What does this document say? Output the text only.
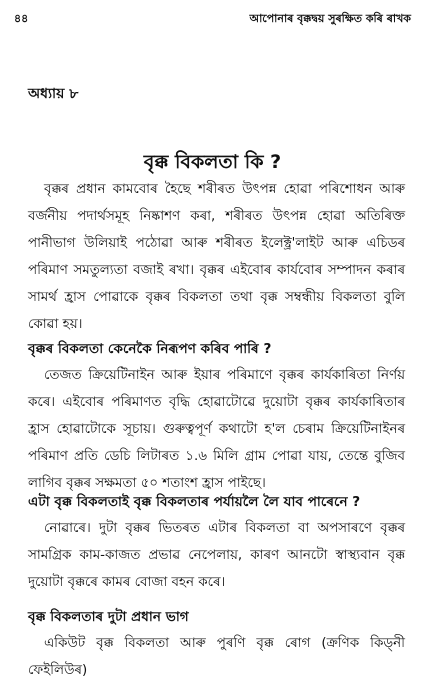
৪৪	আপোনাৰ বৃক্কদ্বয় সুৰক্ষিত কৰি ৰাখক
অধ্যায় ৮
বৃক্ক বিকলতা কি ?
বৃক্কৰ প্ৰধান কামবোৰ হৈছে শৰীৰত উৎপন্ন হোৱা পৰিশোধন আৰু বৰ্জনীয় পদাৰ্থসমূহ নিষ্কাশণ কৰা, শৰীৰত উৎপন্ন হোৱা অতিৰিক্ত পানীভাগ উলিয়াই পঠোৱা আৰু শৰীৰত ইলেক্ট্ৰ'লাইট আৰু এচিডৰ পৰিমাণ সমতুল্যতা বজাই ৰখা। বৃক্কৰ এইবোৰ কাৰ্যবোৰ সম্পাদন কৰাৰ সামৰ্থ হ্ৰাস পোৱাকে বৃক্কৰ বিকলতা তথা বৃক্ক সম্বন্ধীয় বিকলতা বুলি কোৱা হয়।
বৃক্কৰ বিকলতা কেনেকৈ নিৰূপণ কৰিব পাৰি ?
তেজত ক্ৰিয়েটিনাইন আৰু ইয়াৰ পৰিমাণে বৃক্কৰ কাৰ্যকাৰিতা নিৰ্ণয় কৰে। এইবোৰ পৰিমাণত বৃদ্ধি হোৱাটোৱে দুয়োটা বৃক্কৰ কাৰ্যকাৰিতাৰ হ্ৰাস হোৱাটোকে সূচায়। গুৰুত্বপূৰ্ণ কথাটো হ'ল চেৰাম ক্ৰিয়েটিনাইনৰ পৰিমাণ প্ৰতি ডেচি লিটাৰত ১.৬ মিলি গ্ৰাম পোৱা যায়, তেন্তে বুজিব লাগিব বৃক্কৰ সক্ষমতা ৫০ শতাংশ হ্ৰাস পাইছে।
এটা বৃক্ক বিকলতাই বৃক্ক বিকলতাৰ পৰ্যায়লৈ লৈ যাব পাৰেনে ?
নোৱাৰে। দুটা বৃক্কৰ ভিতৰত এটাৰ বিকলতা বা অপসাৰণে বৃক্কৰ সামগ্ৰিক কাম-কাজত প্ৰভাৱ নেপেলায়, কাৰণ আনটো স্বাস্থ্যবান বৃক্ক দুয়োটা বৃক্কৰে কামৰ বোজা বহন কৰে।
বৃক্ক বিকলতাৰ দুটা প্ৰধান ভাগ
একিউট বৃক্ক বিকলতা আৰু পুৰণি বৃক্ক ৰোগ (ক্ৰণিক কিড্‌নী ফেইলিউৰ)
